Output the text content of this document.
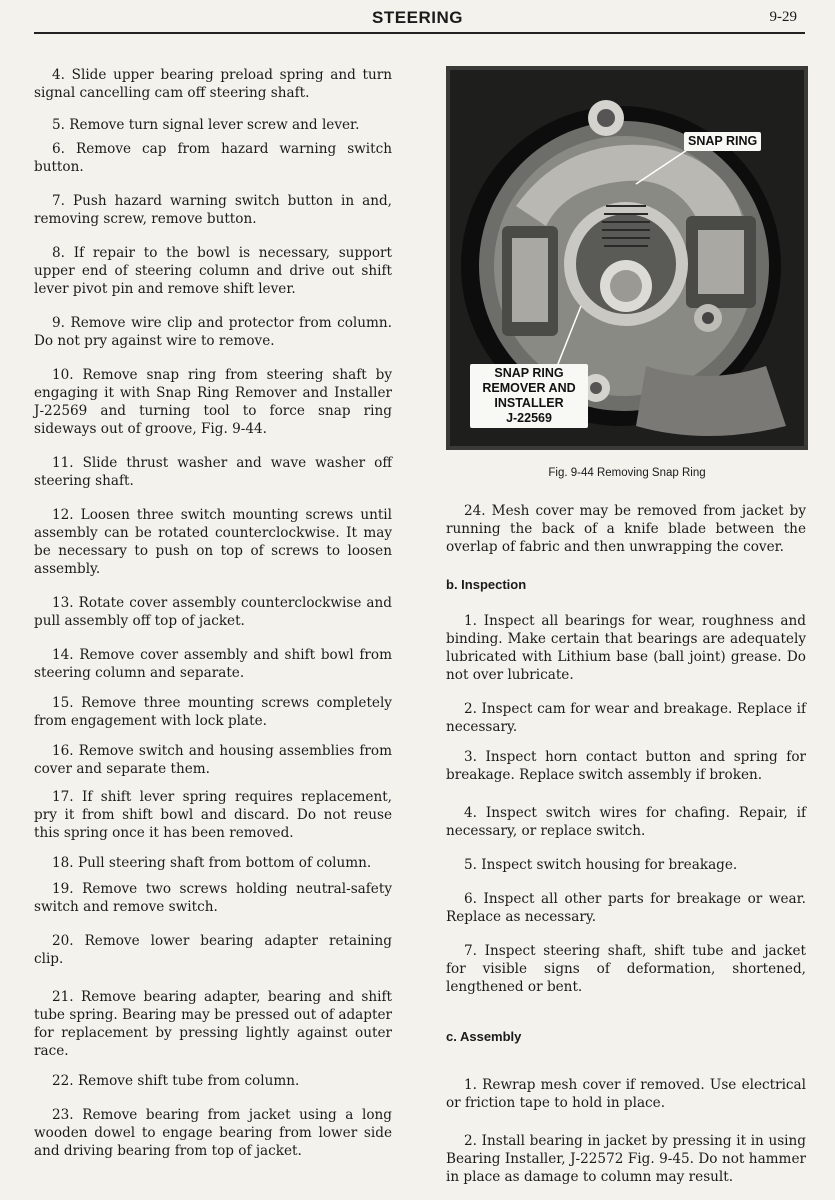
STEERING	9-29

4. Slide upper bearing preload spring and turn signal cancelling cam off steering shaft.

5. Remove turn signal lever screw and lever.

6. Remove cap from hazard warning switch button.

7. Push hazard warning switch button in and, removing screw, remove button.

8. If repair to the bowl is necessary, support upper end of steering column and drive out shift lever pivot pin and remove shift lever.

9. Remove wire clip and protector from column. Do not pry against wire to remove.

10. Remove snap ring from steering shaft by engaging it with Snap Ring Remover and Installer J-22569 and turning tool to force snap ring sideways out of groove, Fig. 9-44.

11. Slide thrust washer and wave washer off steering shaft.

12. Loosen three switch mounting screws until assembly can be rotated counterclockwise. It may be necessary to push on top of screws to loosen assembly.

13. Rotate cover assembly counterclockwise and pull assembly off top of jacket.

14. Remove cover assembly and shift bowl from steering column and separate.

15. Remove three mounting screws completely from engagement with lock plate.

16. Remove switch and housing assemblies from cover and separate them.

17. If shift lever spring requires replacement, pry it from shift bowl and discard. Do not reuse this spring once it has been removed.

18. Pull steering shaft from bottom of column.

19. Remove two screws holding neutral-safety switch and remove switch.

20. Remove lower bearing adapter retaining clip.

21. Remove bearing adapter, bearing and shift tube spring. Bearing may be pressed out of adapter for replacement by pressing lightly against outer race.

22. Remove shift tube from column.

23. Remove bearing from jacket using a long wooden dowel to engage bearing from lower side and driving bearing from top of jacket.

SNAP RING
SNAP RING
REMOVER AND
INSTALLER
J-22569
Fig. 9-44 Removing Snap Ring

24. Mesh cover may be removed from jacket by running the back of a knife blade between the overlap of fabric and then unwrapping the cover.

b. Inspection

1. Inspect all bearings for wear, roughness and binding. Make certain that bearings are adequately lubricated with Lithium base (ball joint) grease. Do not over lubricate.

2. Inspect cam for wear and breakage. Replace if necessary.

3. Inspect horn contact button and spring for breakage. Replace switch assembly if broken.

4. Inspect switch wires for chafing. Repair, if necessary, or replace switch.

5. Inspect switch housing for breakage.

6. Inspect all other parts for breakage or wear. Replace as necessary.

7. Inspect steering shaft, shift tube and jacket for visible signs of deformation, shortened, lengthened or bent.

c. Assembly

1. Rewrap mesh cover if removed. Use electrical or friction tape to hold in place.

2. Install bearing in jacket by pressing it in using Bearing Installer, J-22572 Fig. 9-45. Do not hammer in place as damage to column may result.
